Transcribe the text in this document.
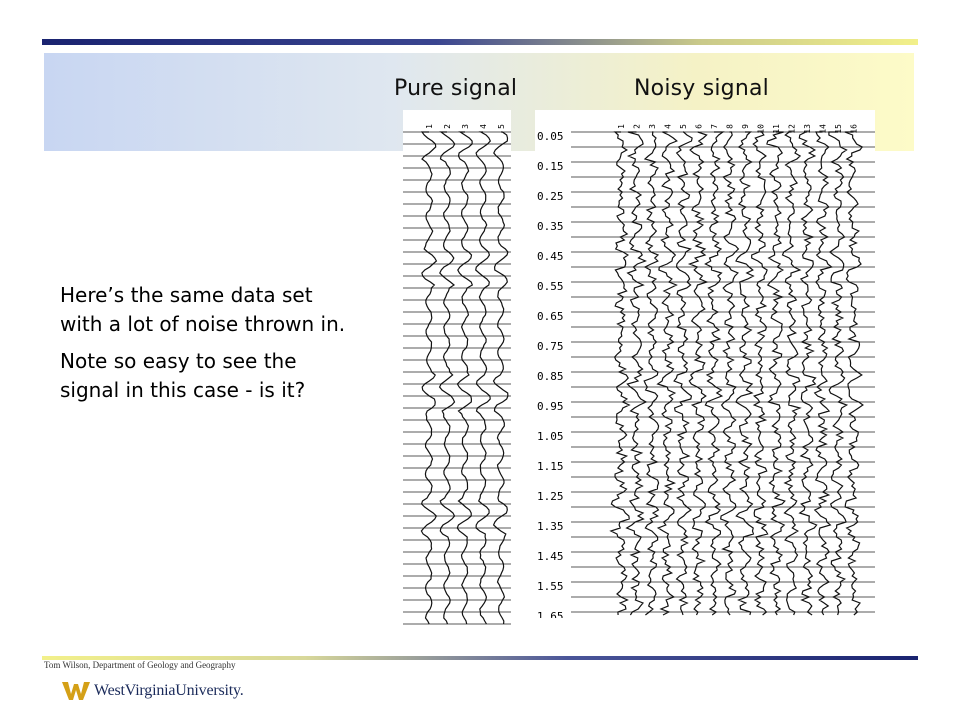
Pure signal	Noisy signal

Here’s the same data set with a lot of noise thrown in.

Note so easy to see the signal in this case - is it?

1 2 3 4 5	1 2 3 4 5 6 7 8 9 10 11 12 13 14 15 16
0.05
0.15
0.25
0.35
0.45
0.55
0.65
0.75
0.85
0.95
1.05
1.15
1.25
1.35
1.45
1.55
1.65
Tom Wilson, Department of Geology and Geography
WestVirginiaUniversity.
